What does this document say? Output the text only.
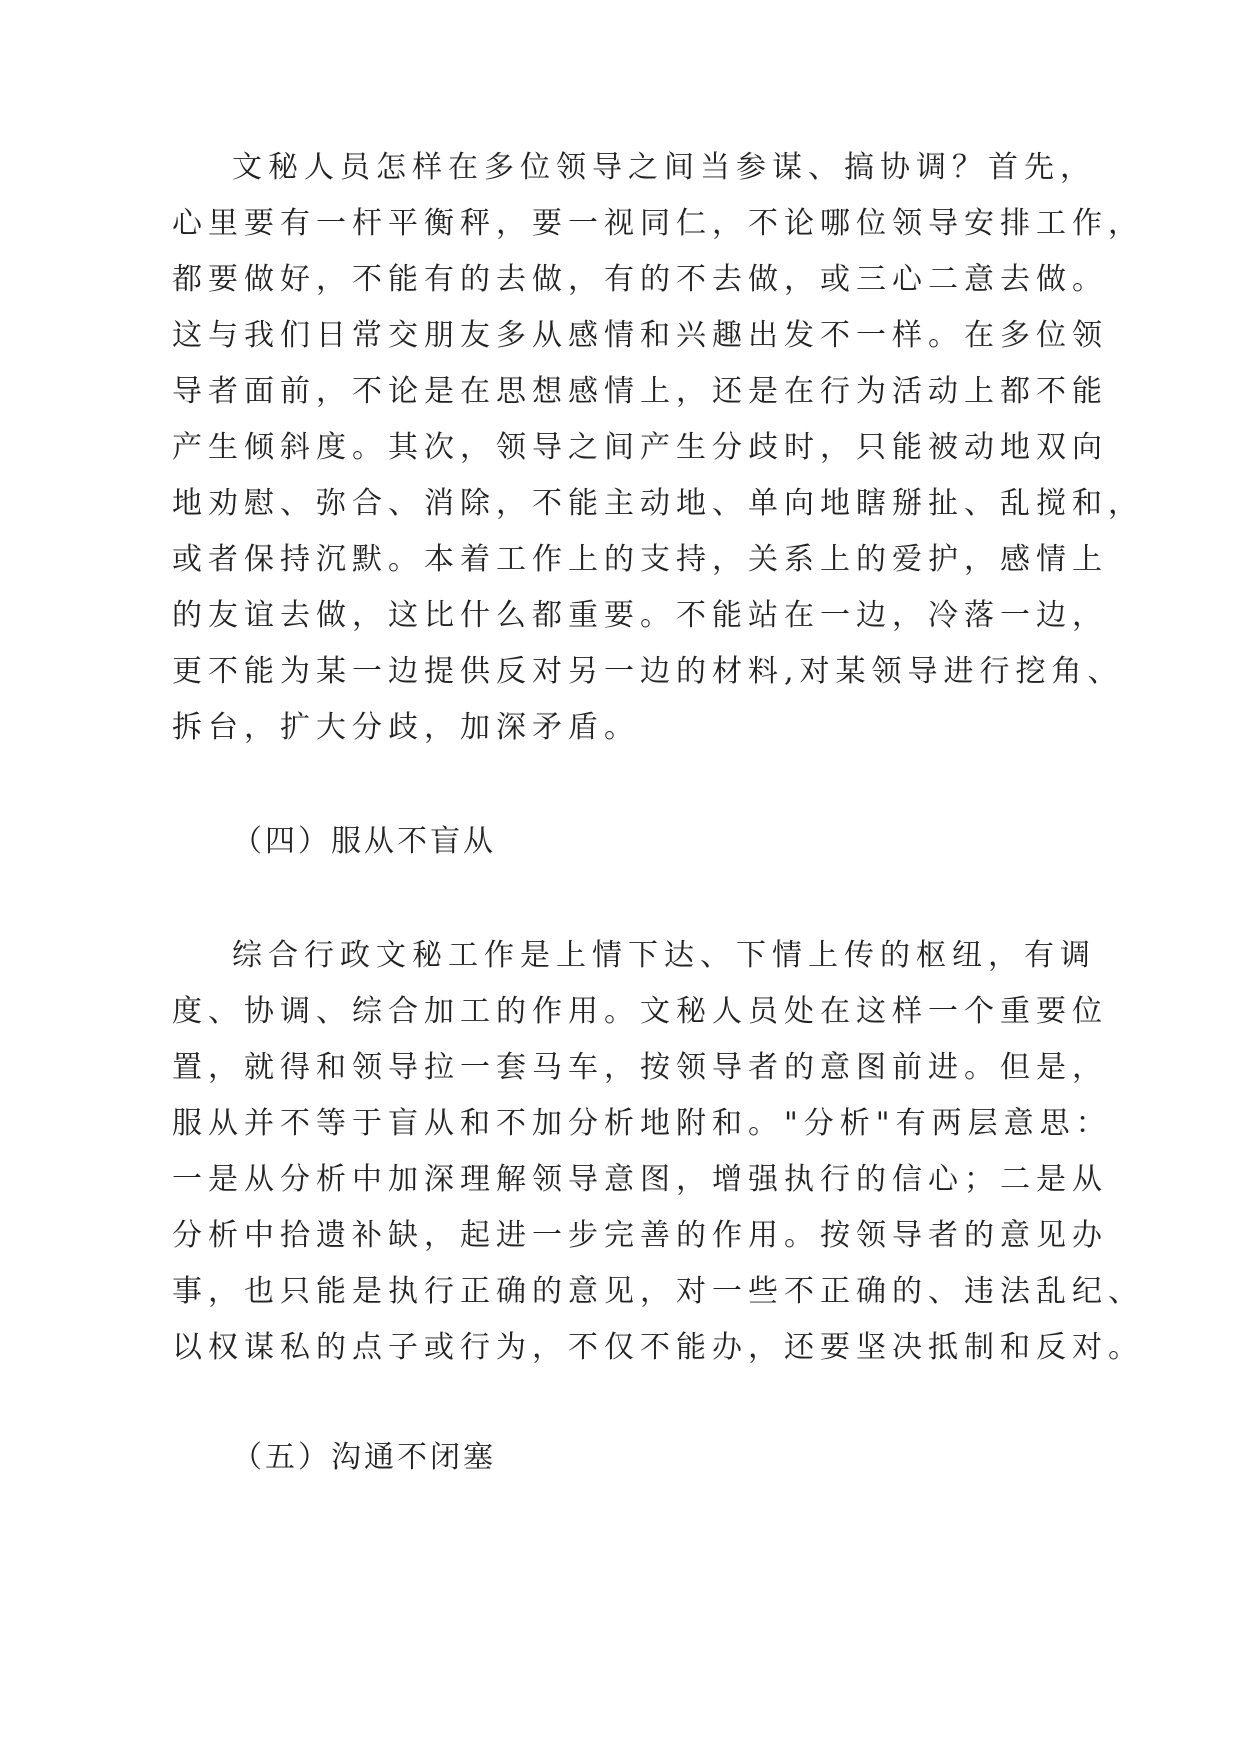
文秘人员怎样在多位领导之间当参谋、搞协调？首先，
心里要有一杆平衡秤，要一视同仁，不论哪位领导安排工作，
都要做好，不能有的去做，有的不去做，或三心二意去做。
这与我们日常交朋友多从感情和兴趣出发不一样。在多位领
导者面前，不论是在思想感情上，还是在行为活动上都不能
产生倾斜度。其次，领导之间产生分歧时，只能被动地双向
地劝慰、弥合、消除，不能主动地、单向地瞎掰扯、乱搅和，
或者保持沉默。本着工作上的支持，关系上的爱护，感情上
的友谊去做，这比什么都重要。不能站在一边，冷落一边，
更不能为某一边提供反对另一边的材料,对某领导进行挖角、
拆台，扩大分歧，加深矛盾。
（四）服从不盲从
综合行政文秘工作是上情下达、下情上传的枢纽，有调
度、协调、综合加工的作用。文秘人员处在这样一个重要位
置，就得和领导拉一套马车，按领导者的意图前进。但是，
服从并不等于盲从和不加分析地附和。"分析"有两层意思：
一是从分析中加深理解领导意图，增强执行的信心；二是从
分析中拾遗补缺，起进一步完善的作用。按领导者的意见办
事，也只能是执行正确的意见，对一些不正确的、违法乱纪、
以权谋私的点子或行为，不仅不能办，还要坚决抵制和反对。
（五）沟通不闭塞
